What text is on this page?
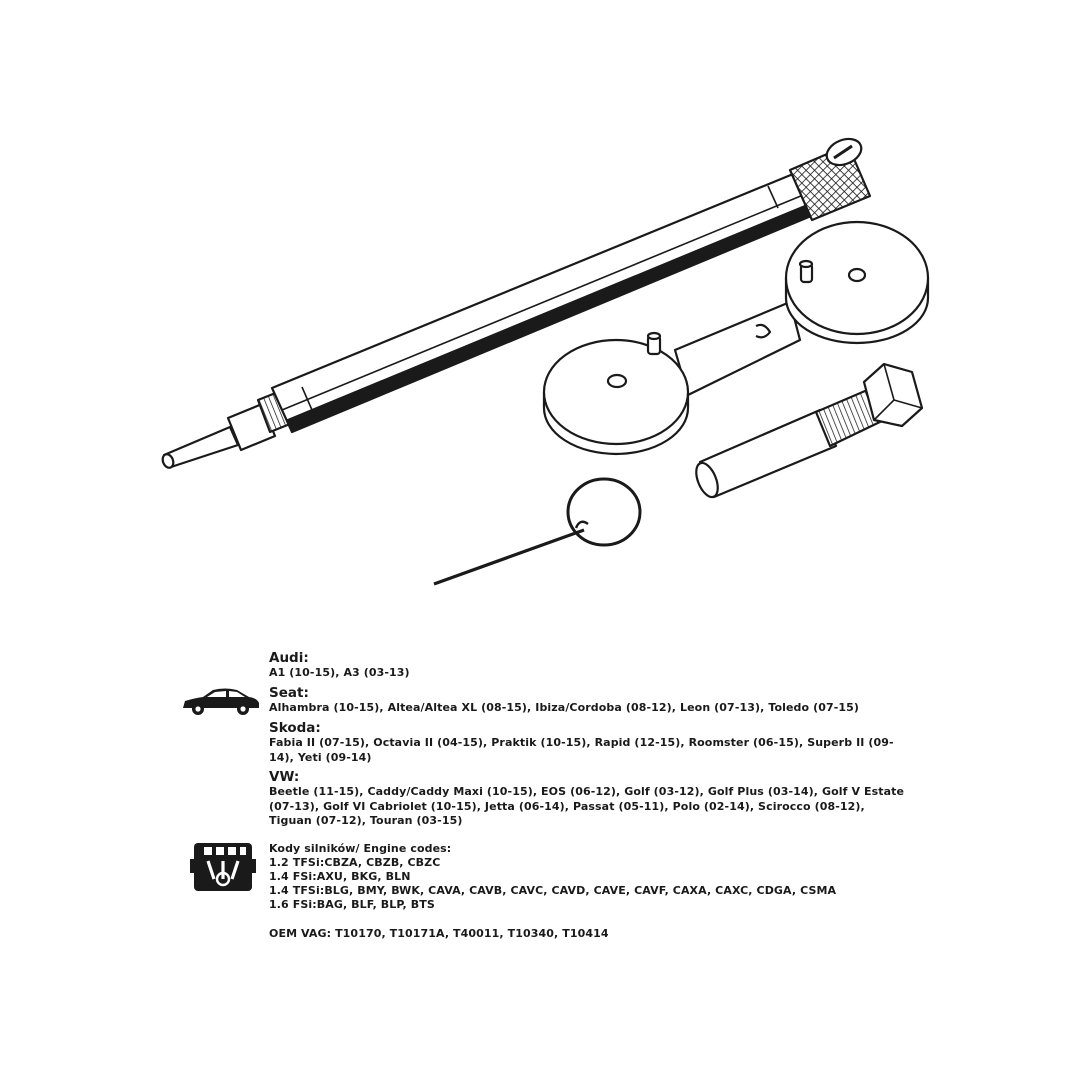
Audi:
A1 (10-15), A3 (03-13)
Seat:
Alhambra (10-15), Altea/Altea XL (08-15), Ibiza/Cordoba (08-12), Leon (07-13), Toledo (07-15)
Skoda:
Fabia II (07-15), Octavia II (04-15), Praktik (10-15), Rapid (12-15), Roomster (06-15), Superb II (09-14), Yeti (09-14)
VW:
Beetle (11-15), Caddy/Caddy Maxi (10-15), EOS (06-12), Golf (03-12), Golf Plus (03-14), Golf V Estate (07-13), Golf VI Cabriolet (10-15), Jetta (06-14), Passat (05-11), Polo (02-14), Scirocco (08-12), Tiguan (07-12), Touran (03-15)
Kody silników/ Engine codes:
1.2 TFSi:CBZA, CBZB, CBZC
1.4 FSi:AXU, BKG, BLN
1.4 TFSi:BLG, BMY, BWK, CAVA, CAVB, CAVC, CAVD, CAVE, CAVF, CAXA, CAXC, CDGA, CSMA
1.6 FSi:BAG, BLF, BLP, BTS
OEM VAG: T10170, T10171A, T40011, T10340, T10414
